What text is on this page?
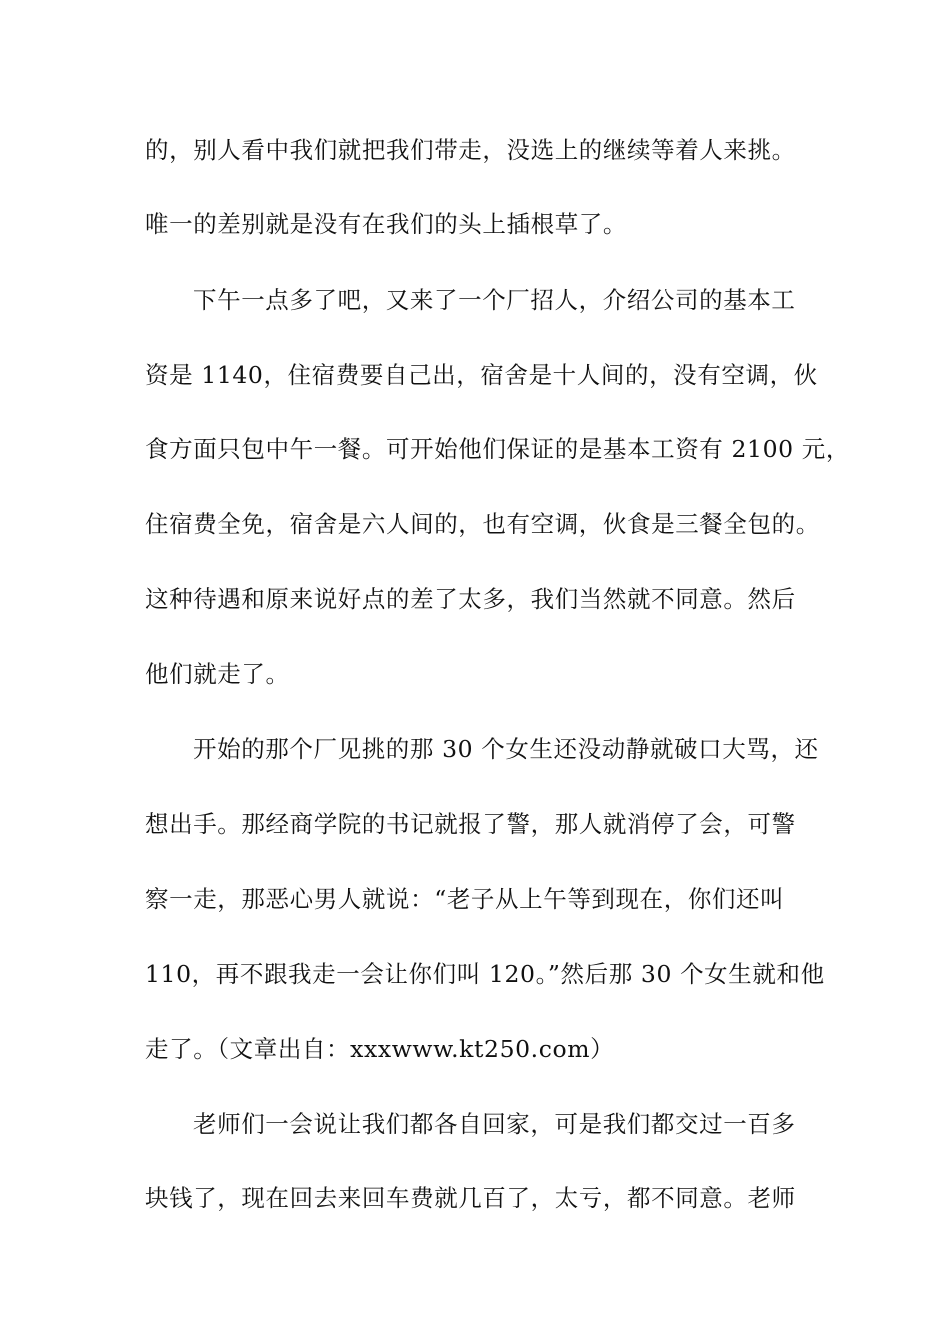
的，别人看中我们就把我们带走，没选上的继续等着人来挑。
唯一的差别就是没有在我们的头上插根草了。
下午一点多了吧，又来了一个厂招人，介绍公司的基本工
资是 1140，住宿费要自己出，宿舍是十人间的，没有空调，伙
食方面只包中午一餐。可开始他们保证的是基本工资有 2100 元，
住宿费全免，宿舍是六人间的，也有空调，伙食是三餐全包的。
这种待遇和原来说好点的差了太多，我们当然就不同意。然后
他们就走了。
开始的那个厂见挑的那 30 个女生还没动静就破口大骂，还
想出手。那经商学院的书记就报了警，那人就消停了会，可警
察一走，那恶心男人就说：“老子从上午等到现在，你们还叫
110，再不跟我走一会让你们叫 120。”然后那 30 个女生就和他
走了。（文章出自：xxxwww.kt250.com）
老师们一会说让我们都各自回家，可是我们都交过一百多
块钱了，现在回去来回车费就几百了，太亏，都不同意。老师
